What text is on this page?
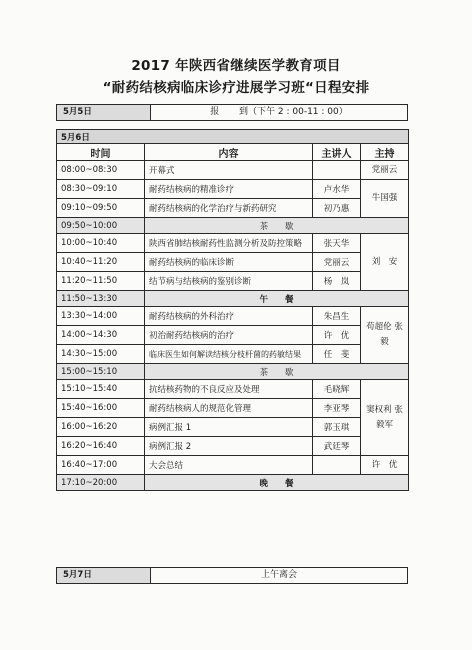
2017 年陕西省继续医学教育项目
“耐药结核病临床诊疗进展学习班“日程安排
5月5日	报 到（下午 2 : 00-11 : 00）
5月6日			
时间	内容	主讲人	主持
08:00~08:30	开幕式		党丽云
08:30~09:10	耐药结核病的精准诊疗	卢水华	牛国强
09:10~09:50	耐药结核病的化学治疗与新药研究	初乃惠	
09:50~10:00	茶　　歇		
10:00~10:40	陕西省肺结核耐药性监测分析及防控策略	张天华	刘　安
10:40~11:20	耐药结核病的临床诊断	党丽云	
11:20~11:50	结节病与结核病的鉴别诊断	杨　岚	
11:50~13:30	午　　餐		
13:30~14:00	耐药结核病的外科治疗	朱昌生	苟超伦 张　毅
14:00~14:30	初治耐药结核病的治疗	许　优	
14:30~15:00	临床医生如何解读结核分枝杆菌的药敏结果	任　斐	
15:00~15:10	茶　　歇		
15:10~15:40	抗结核药物的不良反应及处理	毛晓辉	窦权利 张毅军
15:40~16:00	耐药结核病人的规范化管理	李亚琴	
16:00~16:20	病例汇报 1	郭玉琪	
16:20~16:40	病例汇报 2	武廷琴	
16:40~17:00	大会总结		许　优
17:10~20:00	晚　　餐		
5月7日	上午离会
